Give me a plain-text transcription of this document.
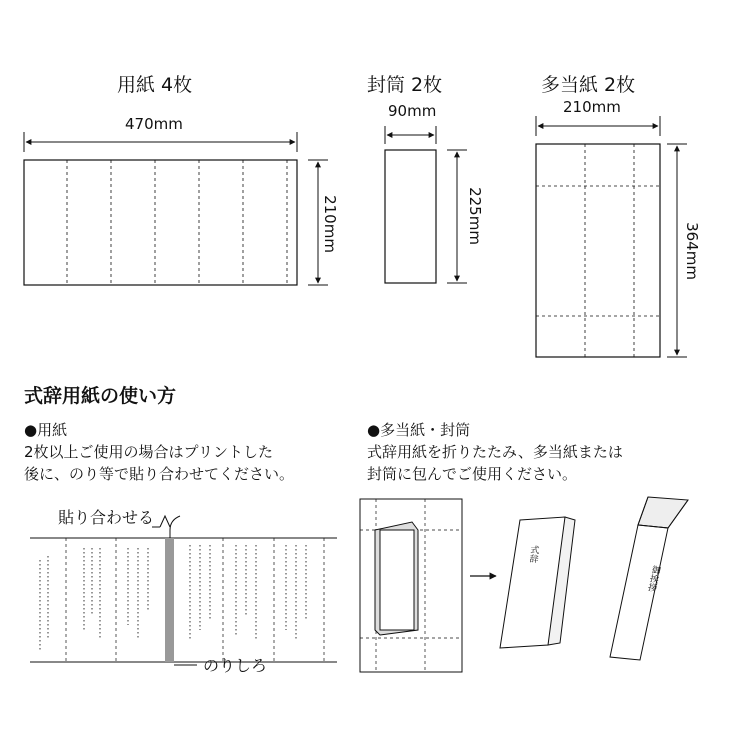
用紙 4枚	封筒 2枚	多当紙 2枚
470mm
90mm	210mm
210mm	225mm
364mm
式辞用紙の使い方
●用紙
2枚以上ご使用の場合はプリントした
後に、のり等で貼り合わせてください。
●多当紙・封筒
式辞用紙を折りたたみ、多当紙または
封筒に包んでご使用ください。
貼り合わせる
のりしろ
式辞
御挨拶
